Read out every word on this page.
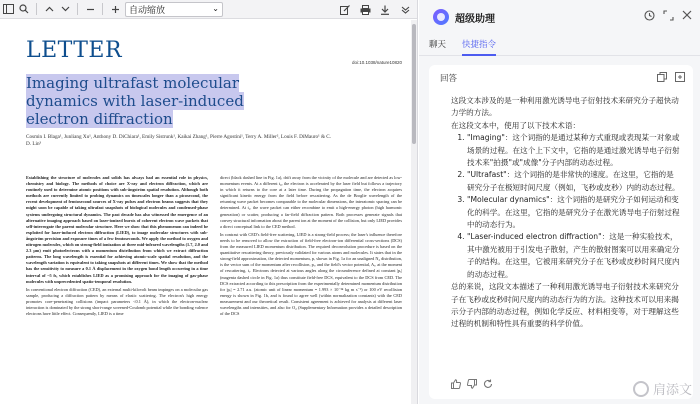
自动缩放	⌄
LETTER	doi:10.1038/nature10820
Imaging ultrafast molecular dynamics with laser-induced electron diffraction
Cosmin I. Blaga¹, Junliang Xu¹, Anthony D. DiChiara¹, Emily Sistrunk¹, Kaikai Zhang¹, Pierre Agostini¹, Terry A. Miller², Louis F. DiMauro¹ & C. D. Lin³

Establishing the structure of molecules and solids has always had an essential role in physics, chemistry and biology. The methods of choice are X-ray and electron diffraction, which are routinely used to determine atomic positions with sub-ångström spatial resolution. Although both methods are currently limited to probing dynamics on timescales longer than a picosecond, the recent development of femtosecond sources of X-ray pulses and electron beams suggests that they might soon be capable of taking ultrafast snapshots of biological molecules and condensed-phase systems undergoing structural dynamics. The past decade has also witnessed the emergence of an alternative imaging approach based on laser-ionized bursts of coherent electron wave packets that self-interrogate the parent molecular structure. Here we show that this phenomenon can indeed be exploited for laser-induced electron diffraction (LIED), to image molecular structures with sub-ångström precision and exposure times of a few femtoseconds. We apply the method to oxygen and nitrogen molecules, which on strong-field ionization at three mid-infrared wavelengths (1.7, 2.0 and 2.3 μm) emit photoelectrons with a momentum distribution from which we extract diffraction patterns. The long wavelength is essential for achieving atomic-scale spatial resolution, and the wavelength variation is equivalent to taking snapshots at different times. We show that the method has the sensitivity to measure a 0.1 Å displacement in the oxygen bond length occurring in a time interval of ~5 fs, which establishes LIED as a promising approach for the imaging of gas-phase molecules with unprecedented spatio-temporal resolution.

In conventional electron diffraction (CED), an external multi-kilovolt beam impinges on a molecular gas sample, producing a diffraction pattern by means of elastic scattering. The electron's high energy promotes core-penetrating collisions (impact parameters <0.1 Å), in which the electron-nuclear interaction is dominated by the strong short-range screened-Coulomb potential while the bonding valence electrons have little effect. Consequently, LIED is a time

direct (black dashed line in Fig. 1a), drift away from the vicinity of the molecule and are detected as low-momentum events. At a different t₀, the electron is accelerated by the laser field but follows a trajectory in which it returns to the core at a later time. During the propagation time, the electron acquires significant kinetic energy from the field before rescattering. As the de Broglie wavelength of the returning wave packet becomes comparable to the molecular dimensions, the interatomic spacing can be determined. At t₁, the wave packet can either recombine to emit a high-energy photon (high harmonic generation) or scatter, producing a far-field diffraction pattern. Both processes generate signals that convey structural information about the parent ion at the moment of the collision, but only LIED provides a direct conceptual link to the CED method.

In contrast with CED's field-free scattering, LIED is a strong-field process; the laser's influence therefore needs to be removed to allow the extraction of field-free electron-ion differential cross-sections (DCS) from the measured LIED momentum distribution. The required deconvolution procedure is based on the quantitative rescattering theory, previously validated for various atoms and molecules. It states that in the strong-field approximation, the detected momentum, p, shown in Fig. 1a for an unaligned N₂ distribution, is the vector sum of the momentum after recollision, pᵣ, and the field's vector potential, Aᵣ, at the moment of rescattering, tᵣ. Electrons detected at various angles along the circumference defined at constant |pᵣ| (magenta dashed circle in Fig. 1a) thus constitute field-free DCS, equivalent to the DCS from CED. The DCS extracted according to this prescription from the experimentally determined momentum distribution for |pᵣ| = 2.71 a.u. (atomic unit of linear momentum = 1.993 × 10⁻²⁴ kg m s⁻¹) or 100 eV recollision energy is shown in Fig. 1b, and is found to agree well (within normalization constants) with the CED measurement and our theoretical result. Consistent agreement is achieved for analysis at different laser wavelengths and intensities, and also for O₂ (Supplementary Information provides a detailed description of the DCS

超级助理
聊天 快捷指令
回答

这段文本涉及的是一种利用激光诱导电子衍射技术来研究分子超快动力学的方法。

在这段文本中，使用了以下技术术语：

1. "Imaging"：这个词指的是通过某种方式重现或表现某一对象或场景的过程。在这个上下文中，它指的是通过激光诱导电子衍射技术来"拍摄"或"成像"分子内部的动态过程。
2. "Ultrafast"：这个词指的是非常快的速度。在这里，它指的是研究分子在极短时间尺度（例如，飞秒或皮秒）内的动态过程。
3. "Molecular dynamics"：这个词指的是研究分子如何运动和变化的科学。在这里，它指的是研究分子在激光诱导电子衍射过程中的动态行为。
4. "Laser-induced electron diffraction"：这是一种实验技术，其中激光被用于引发电子散射，产生的散射图案可以用来确定分子的结构。在这里，它被用来研究分子在飞秒或皮秒时间尺度内的动态过程。

总的来说，这段文本描述了一种利用激光诱导电子衍射技术来研究分子在飞秒或皮秒时间尺度内的动态行为的方法。这种技术可以用来揭示分子内部的动态过程，例如化学反应、材料相变等，对于理解这些过程的机制和特性具有重要的科学价值。

肩添文
